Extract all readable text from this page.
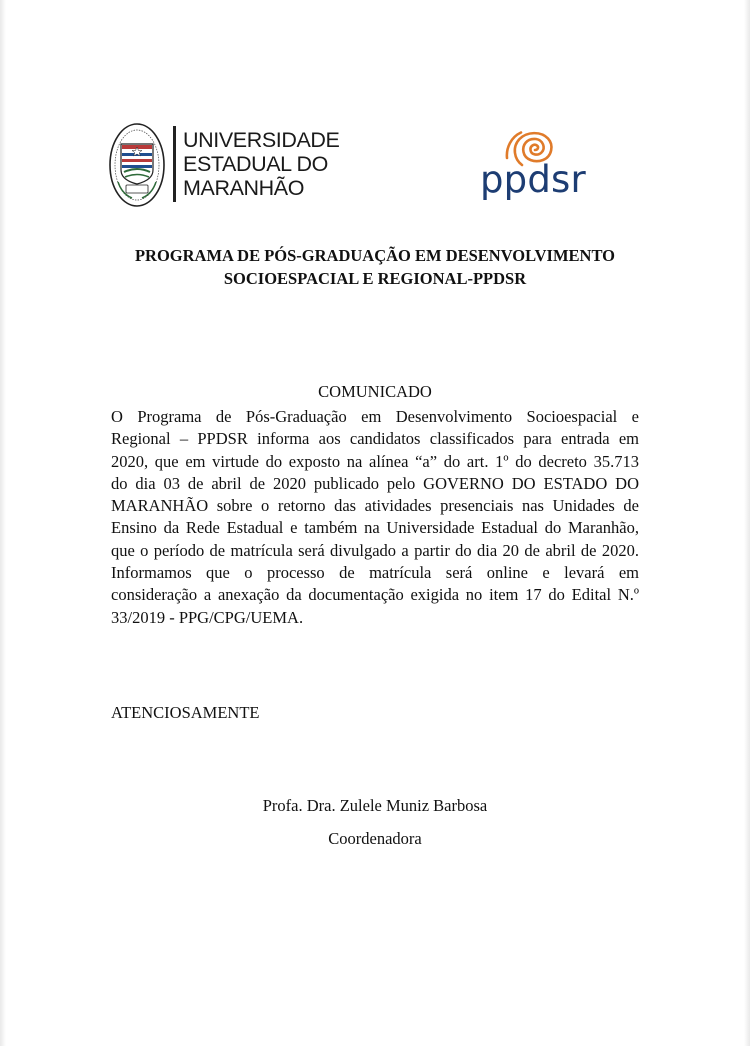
UNIVERSIDADE
ESTADUAL DO
MARANHÃO	ppdsr
PROGRAMA DE PÓS-GRADUAÇÃO EM DESENVOLVIMENTO
SOCIOESPACIAL E REGIONAL-PPDSR
COMUNICADO
O Programa de Pós-Graduação em Desenvolvimento Socioespacial e
Regional – PPDSR informa aos candidatos classificados para entrada em
2020, que em virtude do exposto na alínea “a” do art. 1º do decreto 35.713
do dia 03 de abril de 2020 publicado pelo GOVERNO DO ESTADO DO
MARANHÃO sobre o retorno das atividades presenciais nas Unidades de
Ensino da Rede Estadual e também na Universidade Estadual do Maranhão,
que o período de matrícula será divulgado a partir do dia 20 de abril de 2020.
Informamos que o processo de matrícula será online e levará em
consideração a anexação da documentação exigida no item 17 do Edital N.º
33/2019 - PPG/CPG/UEMA.
ATENCIOSAMENTE
Profa. Dra. Zulele Muniz Barbosa
Coordenadora
